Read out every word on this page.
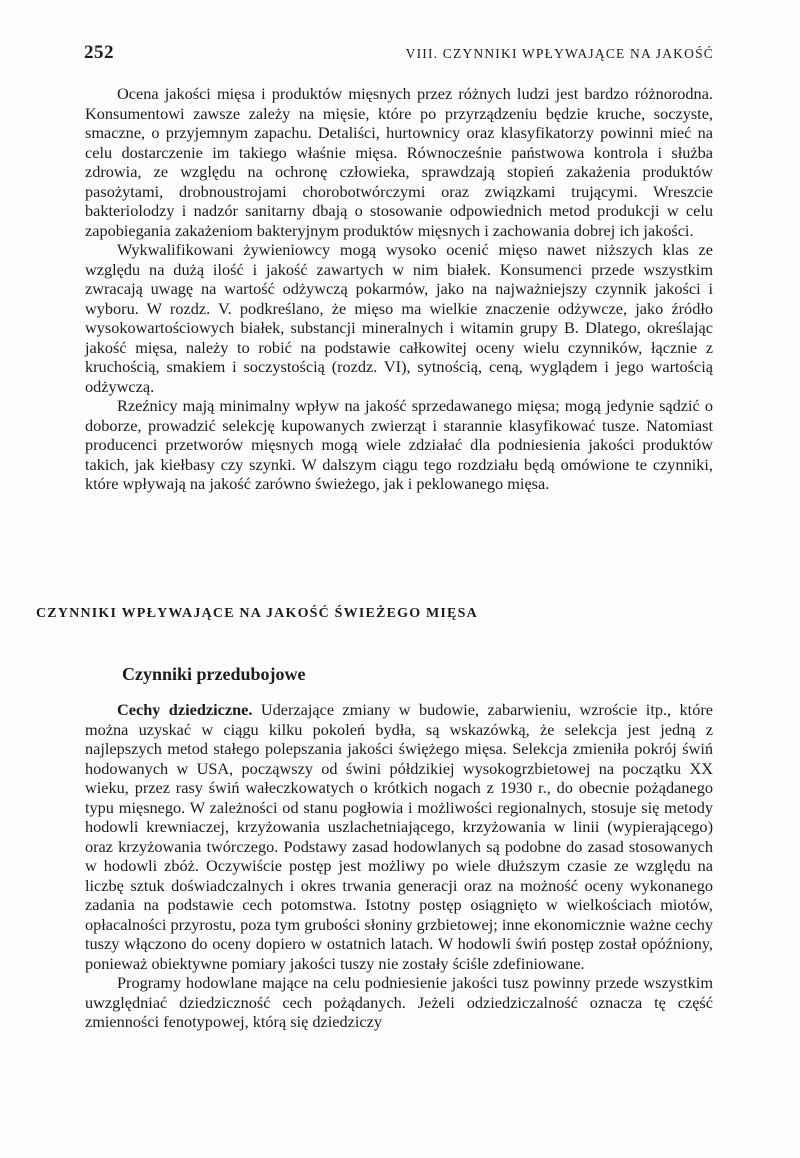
252	VIII. CZYNNIKI WPŁYWAJĄCE NA JAKOŚĆ

Ocena jakości mięsa i produktów mięsnych przez różnych ludzi jest bardzo różnorodna. Konsumentowi zawsze zależy na mięsie, które po przyrządzeniu będzie kruche, soczyste, smaczne, o przyjemnym zapachu. Detaliści, hurtownicy oraz klasyfikatorzy powinni mieć na celu dostarczenie im takiego właśnie mięsa. Równocześnie państwowa kontrola i służba zdrowia, ze względu na ochronę człowieka, sprawdzają stopień zakażenia produktów pasożytami, drobnoustrojami chorobotwórczymi oraz związkami trującymi. Wreszcie bakteriolodzy i nadzór sanitarny dbają o stosowanie odpowiednich metod produkcji w celu zapobiegania zakażeniom bakteryjnym produktów mięsnych i zachowania dobrej ich jakości.

Wykwalifikowani żywieniowcy mogą wysoko ocenić mięso nawet niższych klas ze względu na dużą ilość i jakość zawartych w nim białek. Konsumenci przede wszystkim zwracają uwagę na wartość odżywczą pokarmów, jako na najważniejszy czynnik jakości i wyboru. W rozdz. V. podkreślano, że mięso ma wielkie znaczenie odżywcze, jako źródło wysokowartościowych białek, substancji mineralnych i witamin grupy B. Dlatego, określając jakość mięsa, należy to robić na podstawie całkowitej oceny wielu czynników, łącznie z kruchością, smakiem i soczystością (rozdz. VI), sytnością, ceną, wyglądem i jego wartością odżywczą.

Rzeźnicy mają minimalny wpływ na jakość sprzedawanego mięsa; mogą jedynie sądzić o doborze, prowadzić selekcję kupowanych zwierząt i starannie klasyfikować tusze. Natomiast producenci przetworów mięsnych mogą wiele zdziałać dla podniesienia jakości produktów takich, jak kiełbasy czy szynki. W dalszym ciągu tego rozdziału będą omówione te czynniki, które wpływają na jakość zarówno świeżego, jak i peklowanego mięsa.

CZYNNIKI WPŁYWAJĄCE NA JAKOŚĆ ŚWIEŻEGO MIĘSA
Czynniki przedubojowe

Cechy dziedziczne. Uderzające zmiany w budowie, zabarwieniu, wzroście itp., które można uzyskać w ciągu kilku pokoleń bydła, są wskazówką, że selekcja jest jedną z najlepszych metod stałego polepszania jakości świężego mięsa. Selekcja zmieniła pokrój świń hodowanych w USA, począwszy od świni półdzikiej wysokogrzbietowej na początku XX wieku, przez rasy świń wałeczkowatych o krótkich nogach z 1930 r., do obecnie pożądanego typu mięsnego. W zależności od stanu pogłowia i możliwości regionalnych, stosuje się metody hodowli krewniaczej, krzyżowania uszlachetniającego, krzyżowania w linii (wypierającego) oraz krzyżowania twórczego. Podstawy zasad hodowlanych są podobne do zasad stosowanych w hodowli zbóż. Oczywiście postęp jest możliwy po wiele dłuższym czasie ze względu na liczbę sztuk doświadczalnych i okres trwania generacji oraz na możność oceny wykonanego zadania na podstawie cech potomstwa. Istotny postęp osiągnięto w wielkościach miotów, opłacalności przyrostu, poza tym grubości słoniny grzbietowej; inne ekonomicznie ważne cechy tuszy włączono do oceny dopiero w ostatnich latach. W hodowli świń postęp został opóźniony, ponieważ obiektywne pomiary jakości tuszy nie zostały ściśle zdefiniowane.

Programy hodowlane mające na celu podniesienie jakości tusz powinny przede wszystkim uwzględniać dziedziczność cech pożądanych. Jeżeli odziedziczalność oznacza tę część zmienności fenotypowej, którą się dziedziczy
